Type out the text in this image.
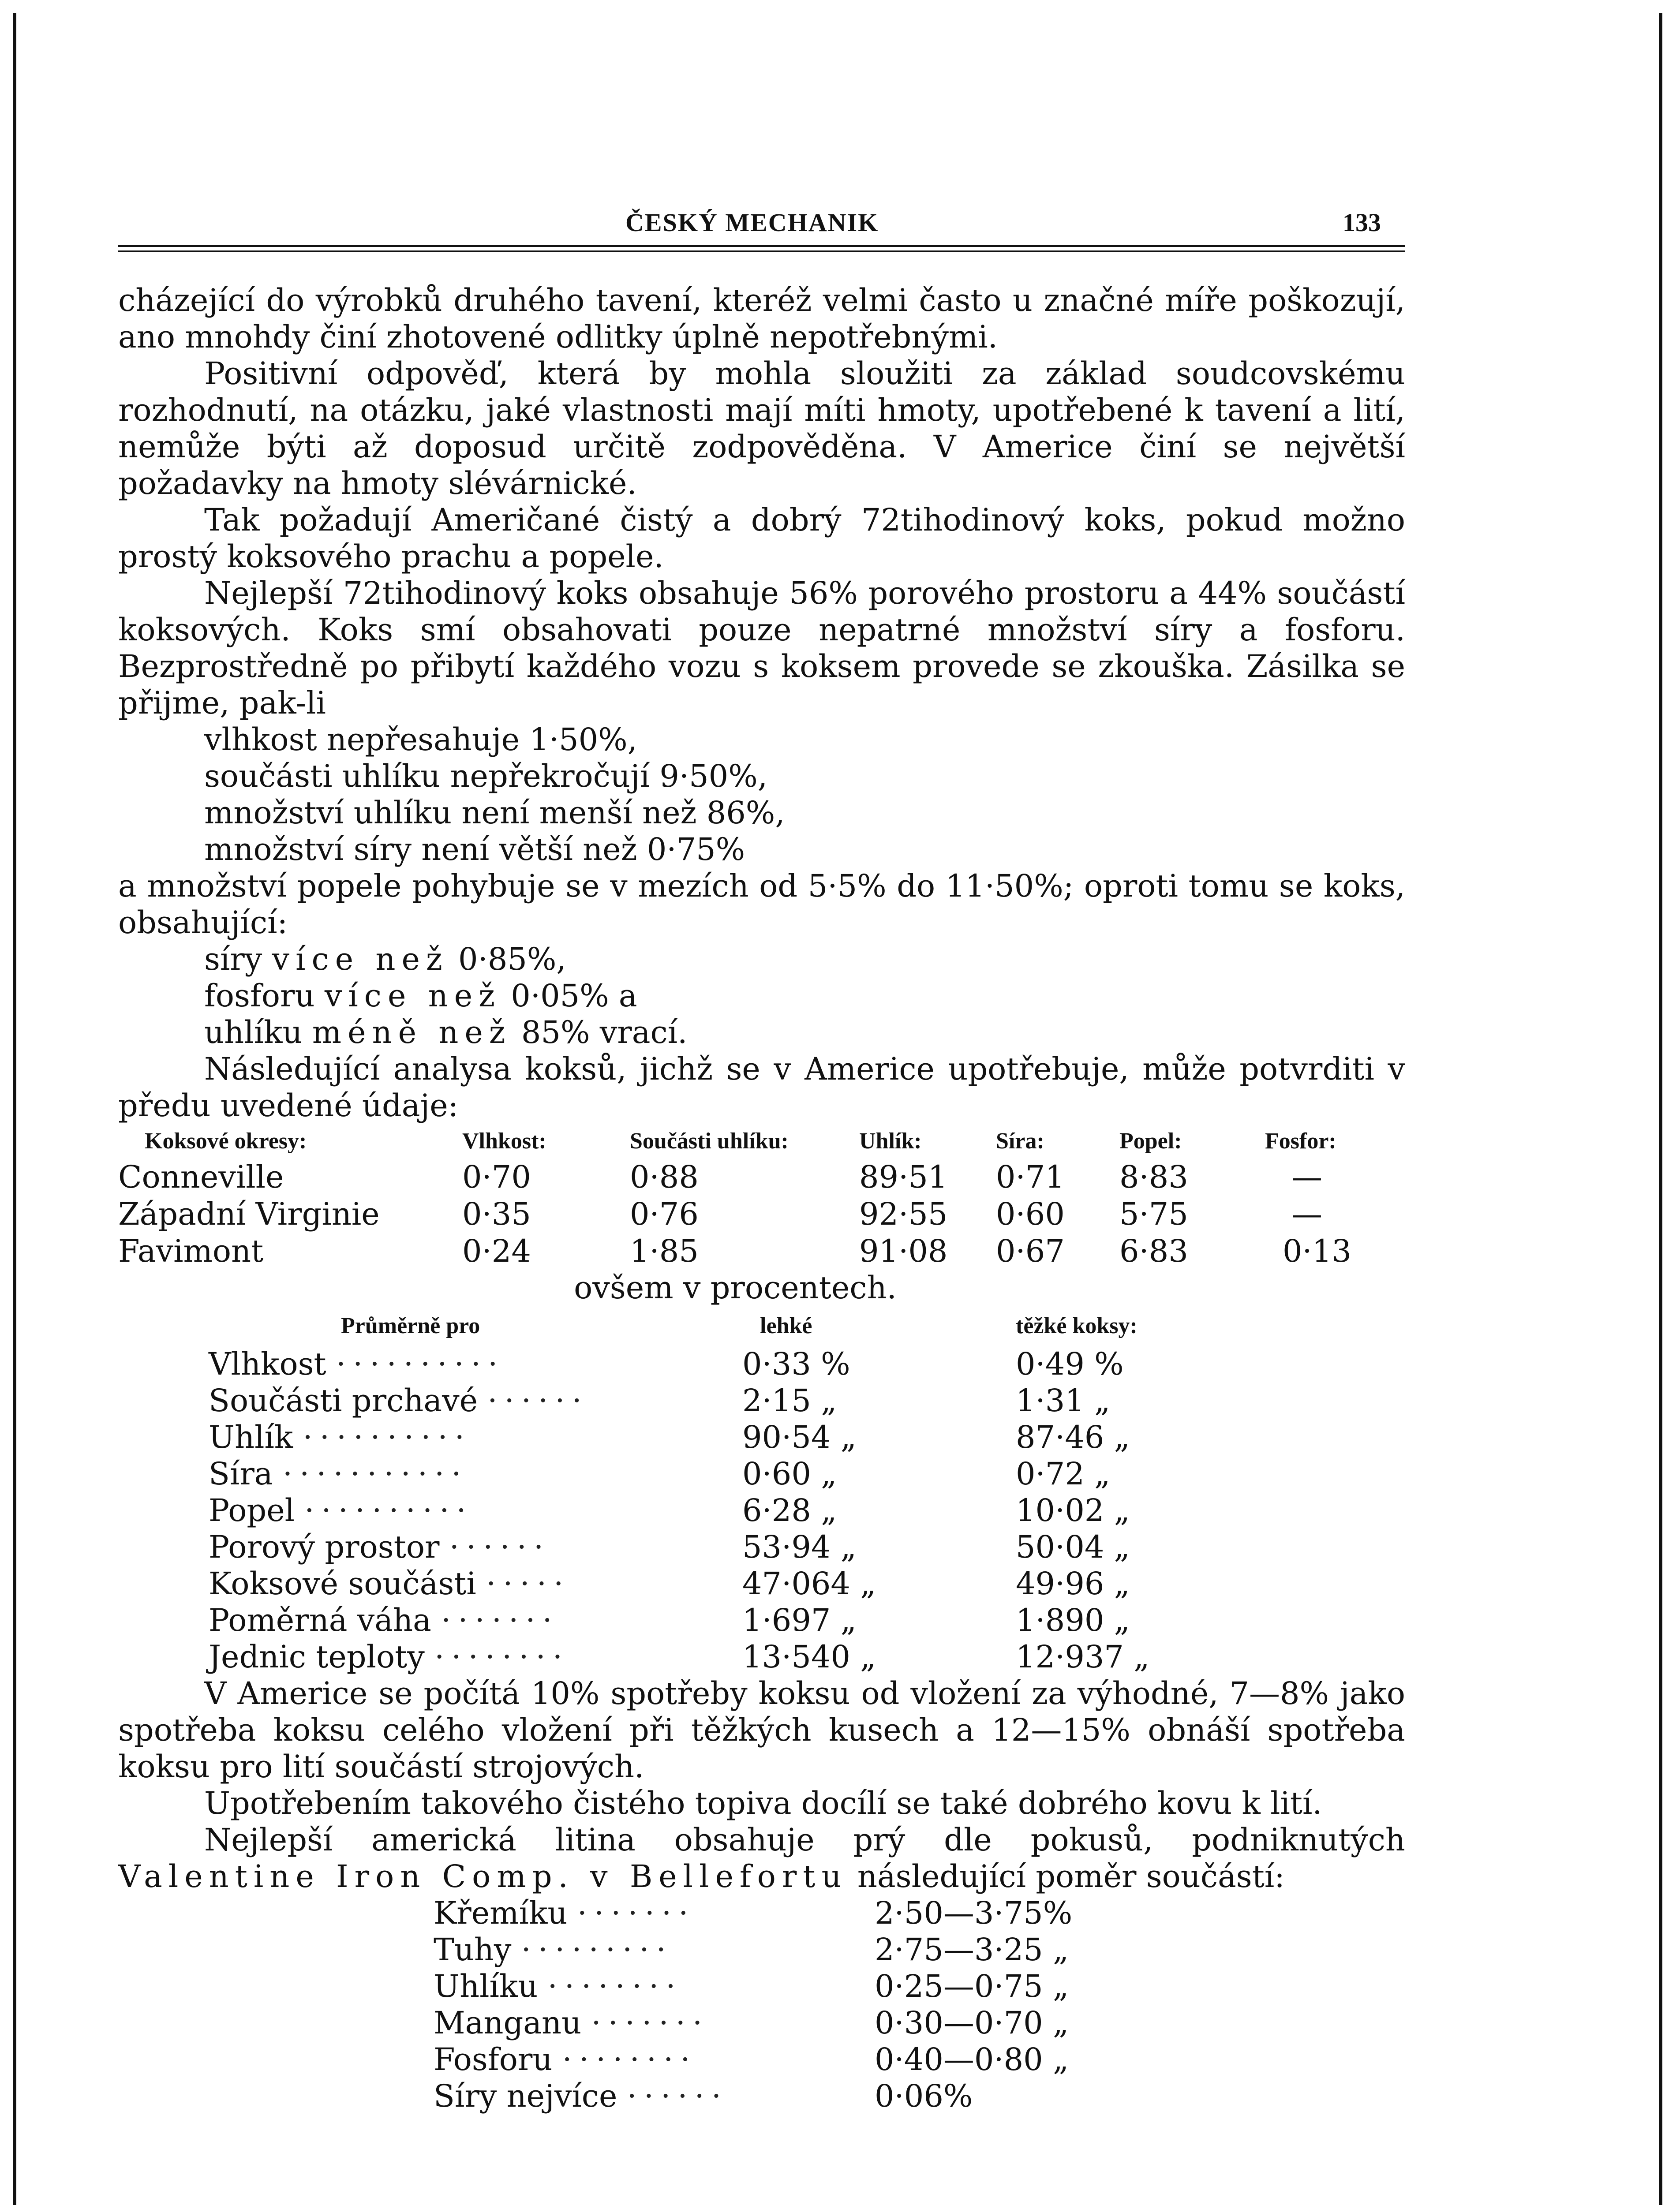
ČESKÝ MECHANIK	133

cházející do výrobků druhého tavení, kteréž velmi často u značné míře poškozují, ano mnohdy činí zhotovené odlitky úplně nepotřebnými.

Positivní odpověď, která by mohla sloužiti za základ soudcovskému rozhodnutí, na otázku, jaké vlastnosti mají míti hmoty, upotřebené k tavení a lití, nemůže býti až doposud určitě zodpověděna. V Americe činí se největší požadavky na hmoty slévárnické.

Tak požadují Američané čistý a dobrý 72tihodinový koks, pokud možno prostý koksového prachu a popele.

Nejlepší 72tihodinový koks obsahuje 56% porového prostoru a 44% součástí koksových. Koks smí obsahovati pouze nepatrné množství síry a fosforu. Bezprostředně po přibytí každého vozu s koksem provede se zkouška. Zásilka se přijme, pak-li

vlhkost nepřesahuje 1·50%,
součásti uhlíku nepřekročují 9·50%,
množství uhlíku není menší než 86%,
množství síry není větší než 0·75%

a množství popele pohybuje se v mezích od 5·5% do 11·50%; oproti tomu se koks, obsahující:

síry více než 0·85%,
fosforu více než 0·05% a
uhlíku méně než 85% vrací.

Následující analysa koksů, jichž se v Americe upotřebuje, může potvrditi v předu uvedené údaje:

Koksové okresy:	Vlhkost:	Součásti uhlíku:	Uhlík:	Síra:	Popel:	Fosfor:
Conneville	0·70	0·88	89·51	0·71	8·83	—
Západní Virginie	0·35	0·76	92·55	0·60	5·75	—
Favimont	0·24	1·85	91·08	0·67	6·83	0·13
ovšem v procentech.
Průměrně pro	lehké	těžké koksy:
Vlhkost ··········	0·33 %	0·49 %
Součásti prchavé ······	2·15 „	1·31 „
Uhlík ··········	90·54 „	87·46 „
Síra ···········	0·60 „	0·72 „
Popel ··········	6·28 „	10·02 „
Porový prostor ······	53·94 „	50·04 „
Koksové součásti ·····	47·064 „	49·96 „
Poměrná váha ·······	1·697 „	1·890 „
Jednic teploty ········	13·540 „	12·937 „

V Americe se počítá 10% spotřeby koksu od vložení za výhodné, 7—8% jako spotřeba koksu celého vložení při těžkých kusech a 12—15% obnáší spotřeba koksu pro lití součástí strojových.

Upotřebením takového čistého topiva docílí se také dobrého kovu k lití.

Nejlepší americká litina obsahuje prý dle pokusů, podniknutých Valentine Iron Comp. v Bellefortu následující poměr součástí:

Křemíku ·······	2·50—3·75%
Tuhy ·········	2·75—3·25 „
Uhlíku ········	0·25—0·75 „
Manganu ·······	0·30—0·70 „
Fosforu ········	0·40—0·80 „
Síry nejvíce ······	0·06%
